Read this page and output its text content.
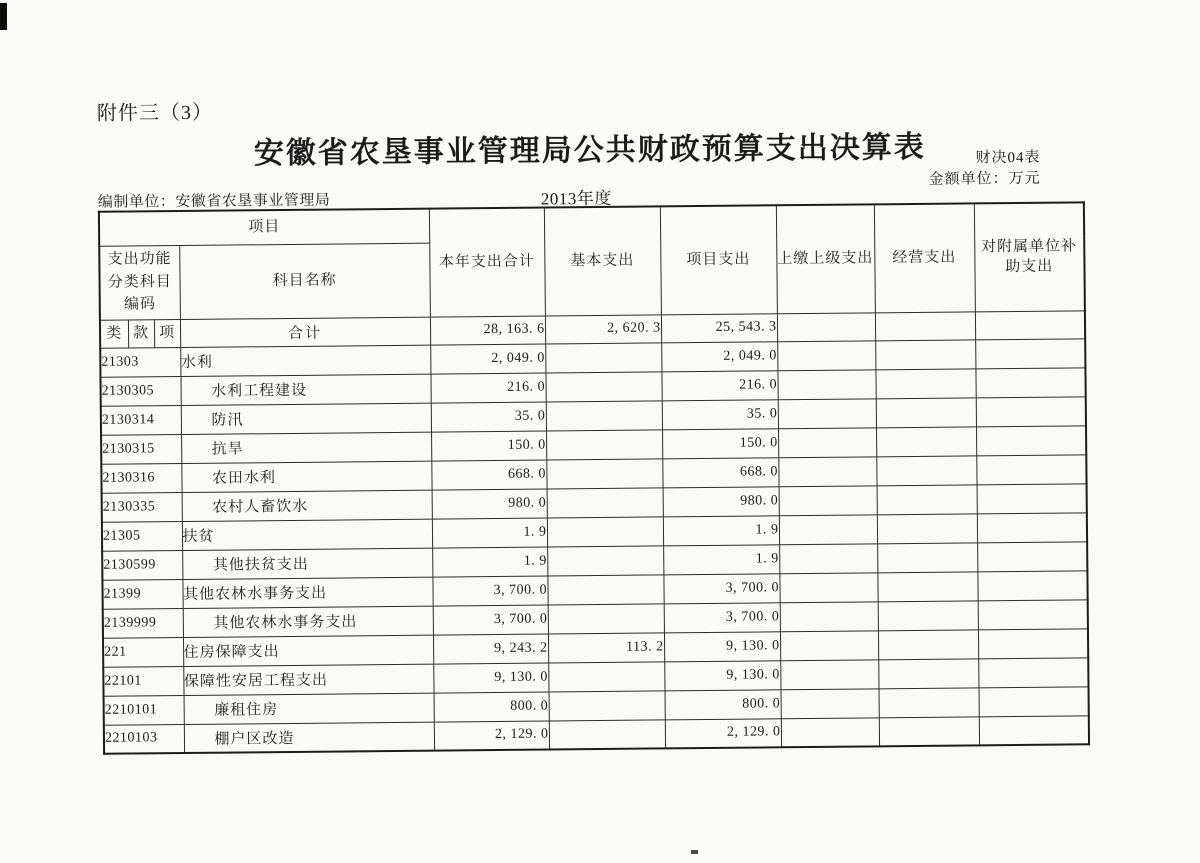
附件三（3）
安徽省农垦事业管理局公共财政预算支出决算表	财决04表
金额单位：万元
编制单位：安徽省农垦事业管理局	2013年度
项目				本年支出合计	基本支出	项目支出	上缴上级支出	经营支出	对附属单位补助支出
支出功能
分类科目
编码			科目名称						
类	款	项	合计	28, 163. 6	2, 620. 3	25, 543. 3			
21303			水利	2, 049. 0		2, 049. 0			
2130305			水利工程建设	216. 0		216. 0			
2130314			防汛	35. 0		35. 0			
2130315			抗旱	150. 0		150. 0			
2130316			农田水利	668. 0		668. 0			
2130335			农村人畜饮水	980. 0		980. 0			
21305			扶贫	1. 9		1. 9			
2130599			其他扶贫支出	1. 9		1. 9			
21399			其他农林水事务支出	3, 700. 0		3, 700. 0			
2139999			其他农林水事务支出	3, 700. 0		3, 700. 0			
221			住房保障支出	9, 243. 2	113. 2	9, 130. 0			
22101			保障性安居工程支出	9, 130. 0		9, 130. 0			
2210101			廉租住房	800. 0		800. 0			
2210103			棚户区改造	2, 129. 0		2, 129. 0			
